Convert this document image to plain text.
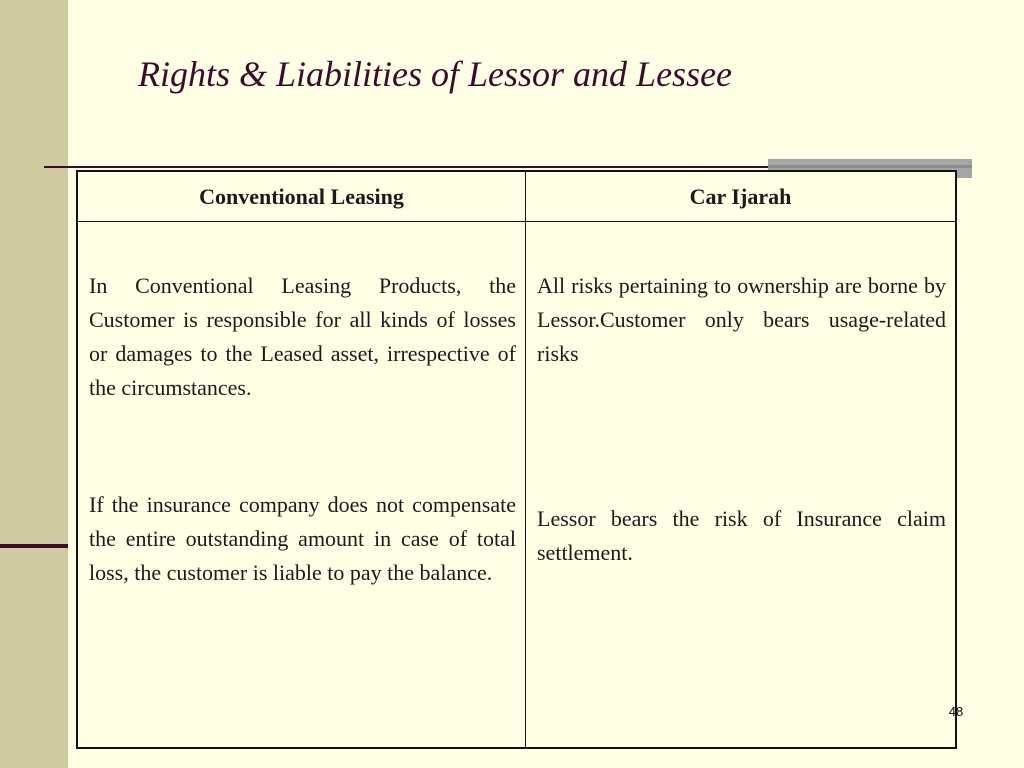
Rights & Liabilities of Lessor and Lessee
Conventional Leasing	Car Ijarah

In Conventional Leasing Products, the Customer is responsible for all kinds of losses or damages to the Leased asset, irrespective of the circumstances.

If the insurance company does not compensate the entire outstanding amount in case of total loss, the customer is liable to pay the balance.

All risks pertaining to ownership are borne by Lessor.Customer only bears usage-related risks

Lessor bears the risk of Insurance claim settlement.

48
